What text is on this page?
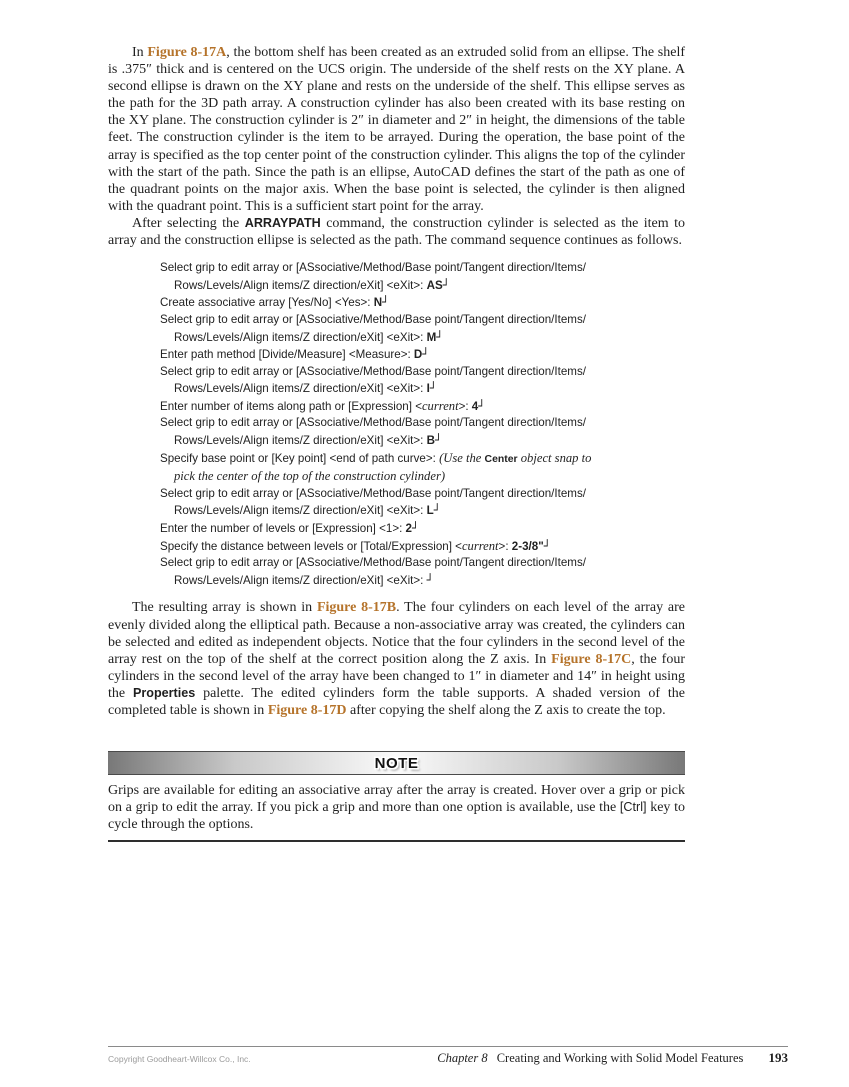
In Figure 8-17A, the bottom shelf has been created as an extruded solid from an ellipse. The shelf is .375″ thick and is centered on the UCS origin. The underside of the shelf rests on the XY plane. A second ellipse is drawn on the XY plane and rests on the underside of the shelf. This ellipse serves as the path for the 3D path array. A construction cylinder has also been created with its base resting on the XY plane. The construction cylinder is 2″ in diameter and 2″ in height, the dimensions of the table feet. The construction cylinder is the item to be arrayed. During the operation, the base point of the array is specified as the top center point of the construction cylinder. This aligns the top of the cylinder with the start of the path. Since the path is an ellipse, AutoCAD defines the start of the path as one of the quadrant points on the major axis. When the base point is selected, the cylinder is then aligned with the quadrant point. This is a sufficient start point for the array.

After selecting the ARRAYPATH command, the construction cylinder is selected as the item to array and the construction ellipse is selected as the path. The command sequence continues as follows.

Select grip to edit array or [ASsociative/Method/Base point/Tangent direction/Items/
Rows/Levels/Align items/Z direction/eXit] <eXit>: AS┘
Create associative array [Yes/No] <Yes>: N┘
Select grip to edit array or [ASsociative/Method/Base point/Tangent direction/Items/
Rows/Levels/Align items/Z direction/eXit] <eXit>: M┘
Enter path method [Divide/Measure] <Measure>: D┘
Select grip to edit array or [ASsociative/Method/Base point/Tangent direction/Items/
Rows/Levels/Align items/Z direction/eXit] <eXit>: I┘
Enter number of items along path or [Expression] <current>: 4┘
Select grip to edit array or [ASsociative/Method/Base point/Tangent direction/Items/
Rows/Levels/Align items/Z direction/eXit] <eXit>: B┘
Specify base point or [Key point] <end of path curve>: (Use the Center object snap to
pick the center of the top of the construction cylinder)
Select grip to edit array or [ASsociative/Method/Base point/Tangent direction/Items/
Rows/Levels/Align items/Z direction/eXit] <eXit>: L┘
Enter the number of levels or [Expression] <1>: 2┘
Specify the distance between levels or [Total/Expression] <current>: 2-3/8"┘
Select grip to edit array or [ASsociative/Method/Base point/Tangent direction/Items/
Rows/Levels/Align items/Z direction/eXit] <eXit>: ┘

The resulting array is shown in Figure 8-17B. The four cylinders on each level of the array are evenly divided along the elliptical path. Because a non-associative array was created, the cylinders can be selected and edited as independent objects. Notice that the four cylinders in the second level of the array rest on the top of the shelf at the correct position along the Z axis. In Figure 8-17C, the four cylinders in the second level of the array have been changed to 1″ in diameter and 14″ in height using the Properties palette. The edited cylinders form the table supports. A shaded version of the completed table is shown in Figure 8-17D after copying the shelf along the Z axis to create the top.

NOTE

Grips are available for editing an associative array after the array is created. Hover over a grip or pick on a grip to edit the array. If you pick a grip and more than one option is available, use the [Ctrl] key to cycle through the options.

Copyright Goodheart-Willcox Co., Inc.	Chapter 8 Creating and Working with Solid Model Features 193
